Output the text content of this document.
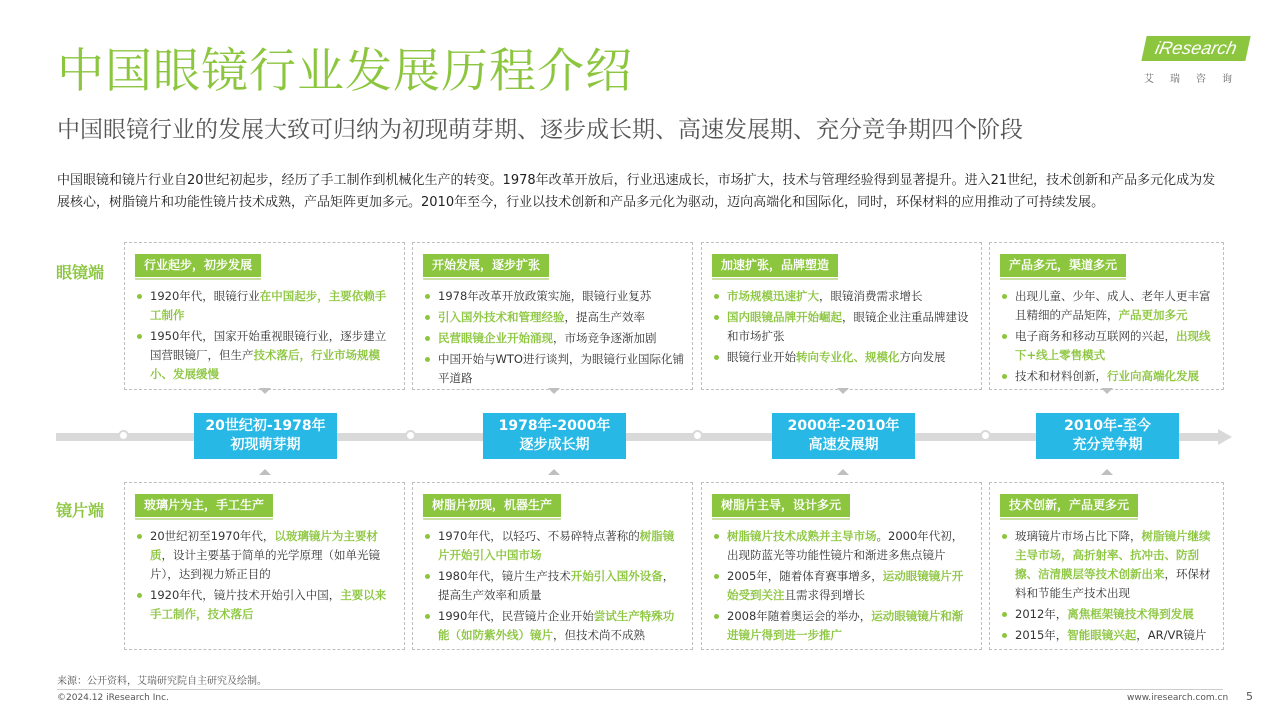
中国眼镜行业发展历程介绍
中国眼镜行业的发展大致可归纳为初现萌芽期、逐步成长期、高速发展期、充分竞争期四个阶段
iResearch
艾瑞咨询
中国眼镜和镜片行业自20世纪初起步，经历了手工制作到机械化生产的转变。1978年改革开放后，行业迅速成长，市场扩大，技术与管理经验得到显著提升。进入21世纪，技术创新和产品多元化成为发展核心，树脂镜片和功能性镜片技术成熟，产品矩阵更加多元。2010年至今，行业以技术创新和产品多元化为驱动，迈向高端化和国际化，同时，环保材料的应用推动了可持续发展。
眼镜端
镜片端
行业起步，初步发展
1920年代，眼镜行业在中国起步，主要依赖手工制作
1950年代，国家开始重视眼镜行业，逐步建立国营眼镜厂，但生产技术落后，行业市场规模小、发展缓慢
开始发展，逐步扩张
1978年改革开放政策实施，眼镜行业复苏
引入国外技术和管理经验，提高生产效率
民营眼镜企业开始涌现，市场竞争逐渐加剧
中国开始与WTO进行谈判，为眼镜行业国际化铺平道路
加速扩张，品牌塑造
市场规模迅速扩大，眼镜消费需求增长
国内眼镜品牌开始崛起，眼镜企业注重品牌建设和市场扩张
眼镜行业开始转向专业化、规模化方向发展
产品多元，渠道多元
出现儿童、少年、成人、老年人更丰富且精细的产品矩阵，产品更加多元
电子商务和移动互联网的兴起，出现线下+线上零售模式
技术和材料创新，行业向高端化发展
20世纪初-1978年
初现萌芽期
1978年-2000年
逐步成长期
2000年-2010年
高速发展期
2010年-至今
充分竞争期
玻璃片为主，手工生产
20世纪初至1970年代，以玻璃镜片为主要材质，设计主要基于简单的光学原理（如单光镜片），达到视力矫正目的
1920年代，镜片技术开始引入中国，主要以来手工制作，技术落后
树脂片初现，机器生产
1970年代，以轻巧、不易碎特点著称的树脂镜片开始引入中国市场
1980年代，镜片生产技术开始引入国外设备，提高生产效率和质量
1990年代，民营镜片企业开始尝试生产特殊功能（如防紫外线）镜片，但技术尚不成熟
树脂片主导，设计多元
树脂镜片技术成熟并主导市场。2000年代初，出现防蓝光等功能性镜片和渐进多焦点镜片
2005年，随着体育赛事增多，运动眼镜镜片开始受到关注且需求得到增长
2008年随着奥运会的举办，运动眼镜镜片和渐进镜片得到进一步推广
技术创新，产品更多元
玻璃镜片市场占比下降，树脂镜片继续主导市场，高折射率、抗冲击、防刮擦、洁清膜层等技术创新出来，环保材料和节能生产技术出现
2012年，离焦框架镜技术得到发展
2015年，智能眼镜兴起，AR/VR镜片
来源：公开资料，艾瑞研究院自主研究及绘制。
©2024.12 iResearch Inc.	www.iresearch.com.cn 5
